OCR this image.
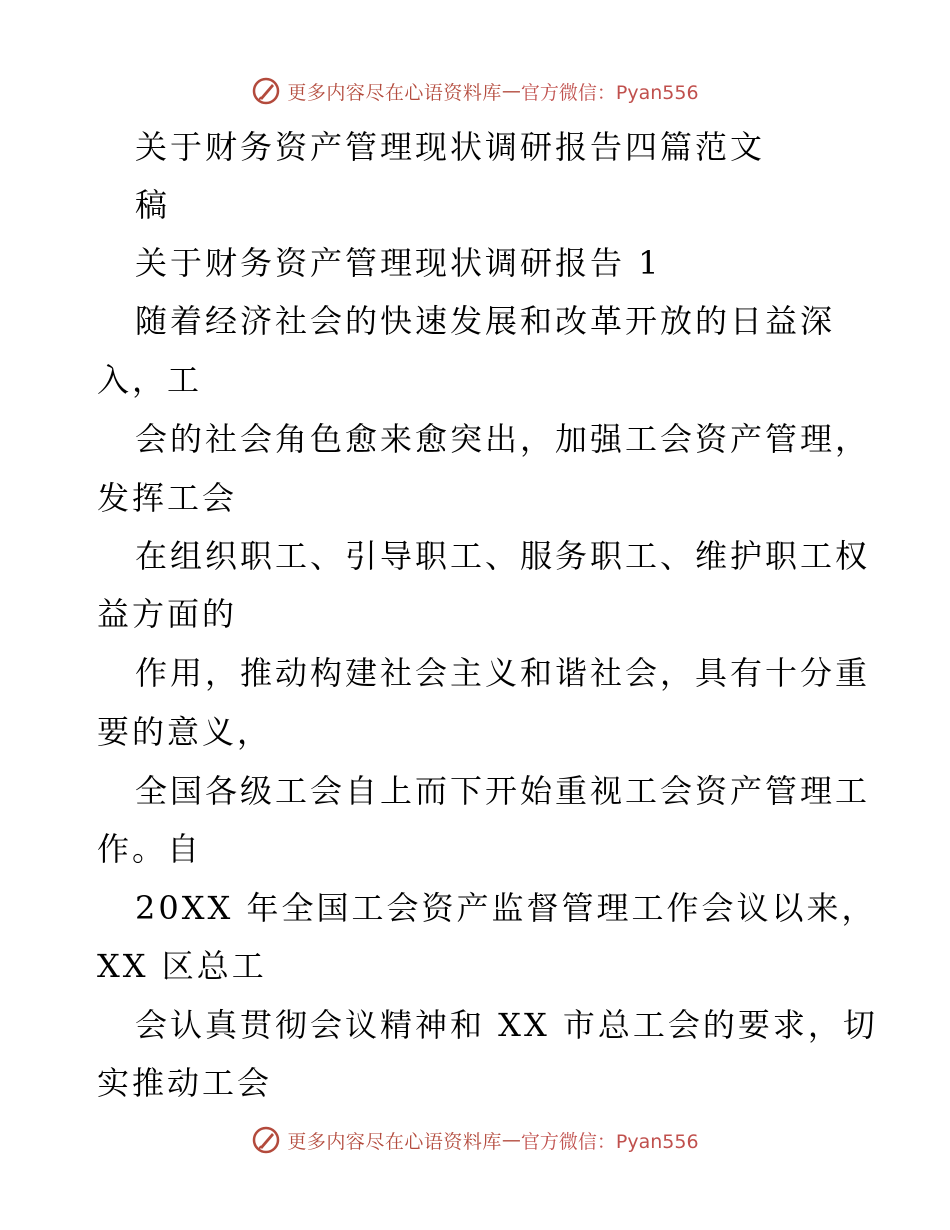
更多内容尽在心语资料库 — 官方微信：Pyan556
关于财务资产管理现状调研报告四篇范文
稿
关于财务资产管理现状调研报告 1
随着经济社会的快速发展和改革开放的日益深
入，工
会的社会角色愈来愈突出，加强工会资产管理，
发挥工会
在组织职工、引导职工、服务职工、维护职工权
益方面的
作用，推动构建社会主义和谐社会，具有十分重
要的意义，
全国各级工会自上而下开始重视工会资产管理工
作。自
20XX 年全国工会资产监督管理工作会议以来，
XX 区总工
会认真贯彻会议精神和 XX 市总工会的要求，切
实推动工会
更多内容尽在心语资料库 — 官方微信：Pyan556
